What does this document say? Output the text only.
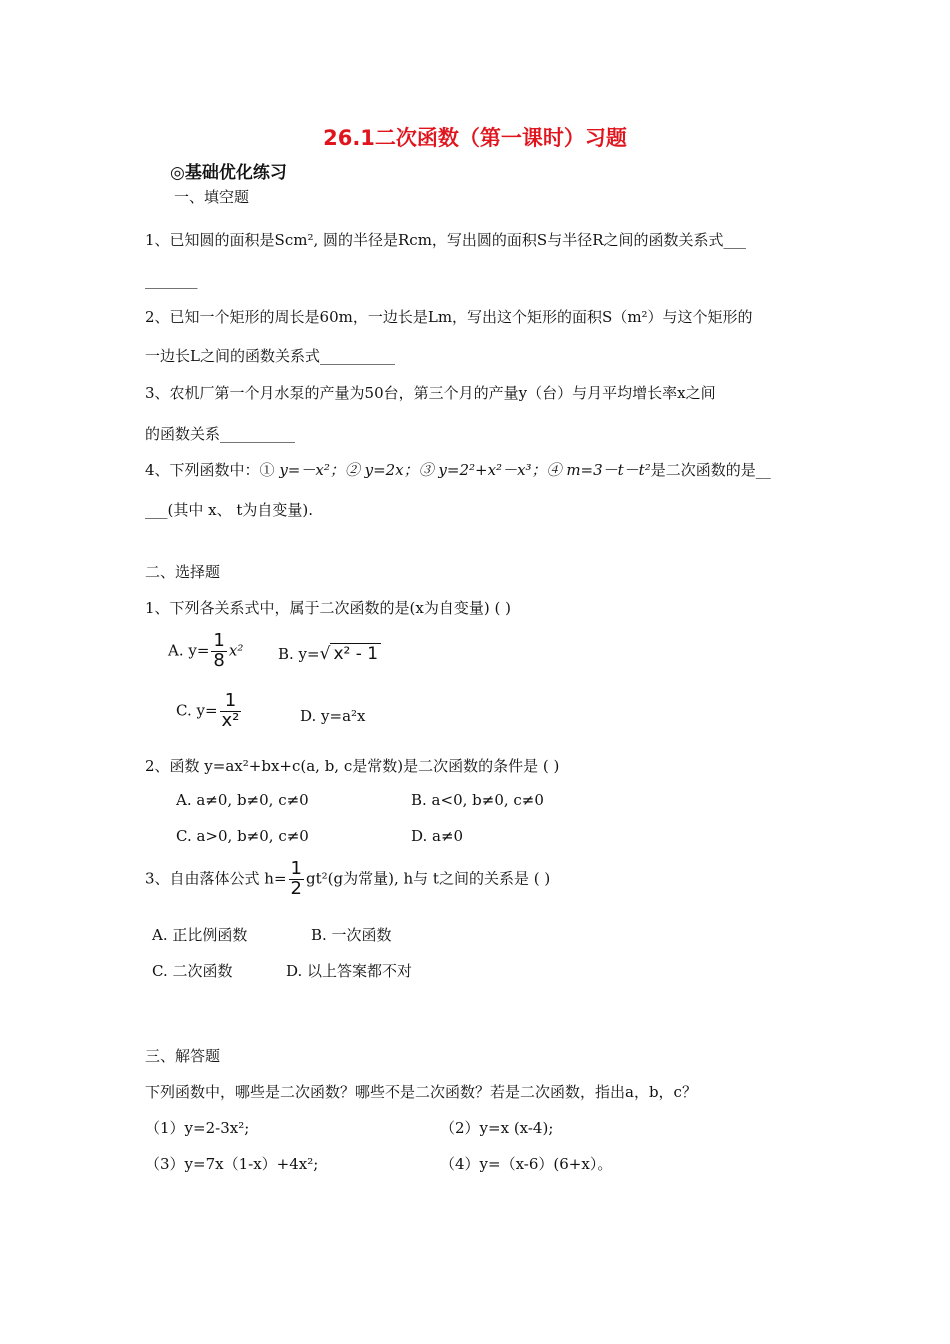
26.1二次函数（第一课时）习题
◎基础优化练习
一、填空题
1、已知圆的面积是Scm², 圆的半径是Rcm，写出圆的面积S与半径R之间的函数关系式___
_______
2、已知一个矩形的周长是60m，一边长是Lm，写出这个矩形的面积S（m²）与这个矩形的
一边长L之间的函数关系式__________
3、农机厂第一个月水泵的产量为50台，第三个月的产量y（台）与月平均增长率x之间
的函数关系__________
4、下列函数中：① y=－x²；② y=2x；③ y=2²+x²－x³；④ m=3－t－t²是二次函数的是__
___(其中 x、 t为自变量).
二、选择题
1、下列各关系式中，属于二次函数的是(x为自变量) ( )
A. $y= \frac{1}{8} x^2$ B. y=√ x² - 1
C. $y= \frac{1}{\text{x²}}$	D. y=a²x
2、函数 y=ax²+bx+c(a, b, c是常数)是二次函数的条件是 ( )
A. a≠0, b≠0, c≠0	B. a<0, b≠0, c≠0
C. a>0, b≠0, c≠0	D. a≠0
3、自由落体公式 $h= \frac{1}{2} gt^2(g$为常量), h与 t之间的关系是 ( )
A. 正比例函数	B. 一次函数
C. 二次函数	D. 以上答案都不对
三、解答题
下列函数中，哪些是二次函数？哪些不是二次函数？若是二次函数，指出a，b，c？
（1）y=2-3x²;	（2）y=x (x-4);
（3）y=7x（1-x）+4x²;	（4）y=（x-6）(6+x）。
